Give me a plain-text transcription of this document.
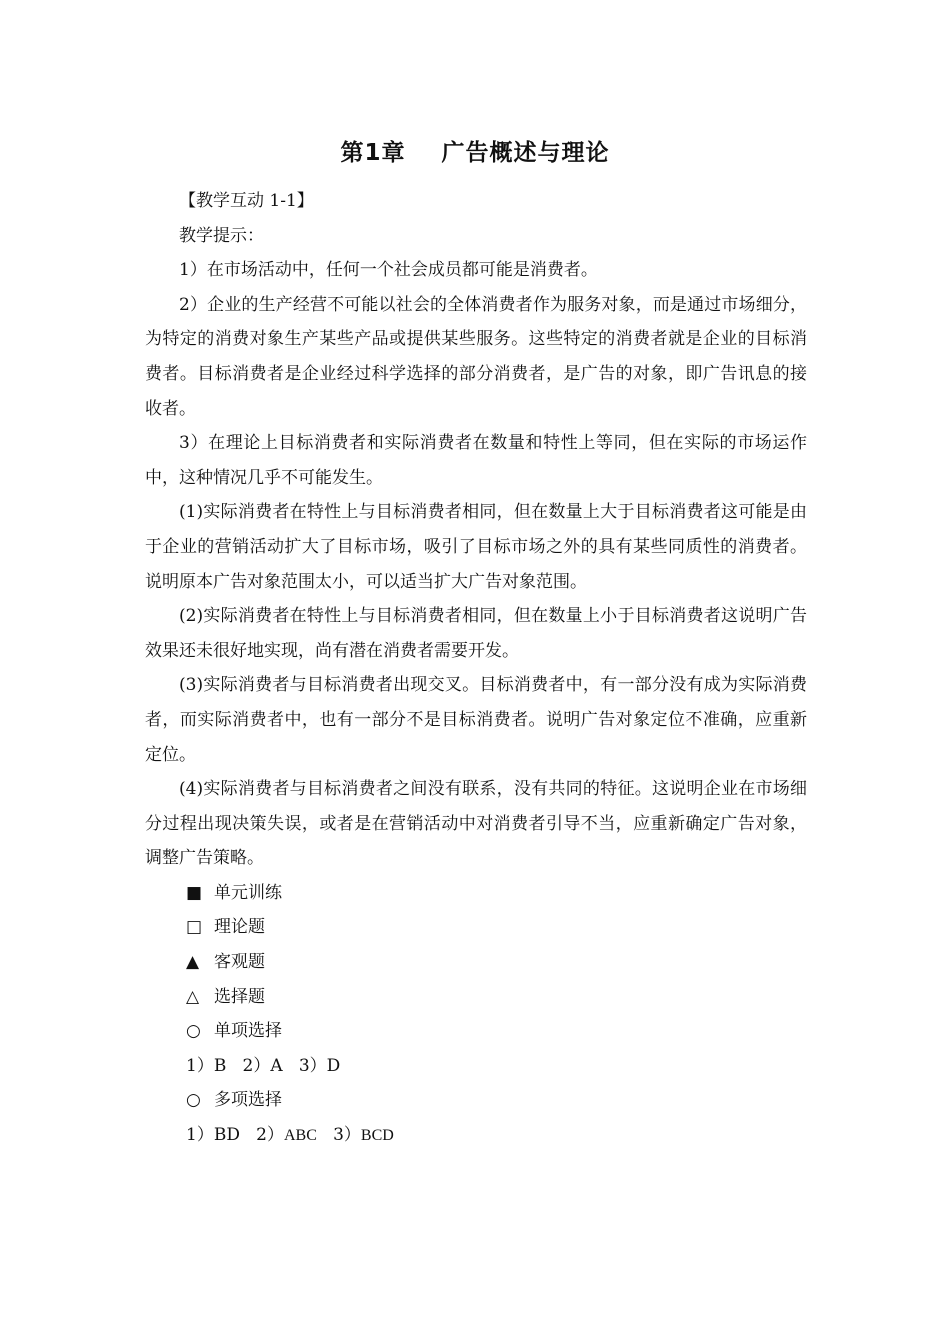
第1章    广告概述与理论

【教学互动 1-1】

教学提示：

1）在市场活动中，任何一个社会成员都可能是消费者。

2）企业的生产经营不可能以社会的全体消费者作为服务对象，而是通过市场细分，为特定的消费对象生产某些产品或提供某些服务。这些特定的消费者就是企业的目标消费者。目标消费者是企业经过科学选择的部分消费者，是广告的对象，即广告讯息的接收者。

3）在理论上目标消费者和实际消费者在数量和特性上等同，但在实际的市场运作中，这种情况几乎不可能发生。

(1)实际消费者在特性上与目标消费者相同，但在数量上大于目标消费者这可能是由于企业的营销活动扩大了目标市场，吸引了目标市场之外的具有某些同质性的消费者。说明原本广告对象范围太小，可以适当扩大广告对象范围。

(2)实际消费者在特性上与目标消费者相同，但在数量上小于目标消费者这说明广告效果还未很好地实现，尚有潜在消费者需要开发。

(3)实际消费者与目标消费者出现交叉。目标消费者中，有一部分没有成为实际消费者，而实际消费者中，也有一部分不是目标消费者。说明广告对象定位不准确，应重新定位。

(4)实际消费者与目标消费者之间没有联系，没有共同的特征。这说明企业在市场细分过程出现决策失误，或者是在营销活动中对消费者引导不当，应重新确定广告对象，调整广告策略。

■ 单元训练

□ 理论题

▲ 客观题

△ 选择题

○ 单项选择

1）B   2）A   3）D

○ 多项选择

1）BD   2）ABC   3）BCD
